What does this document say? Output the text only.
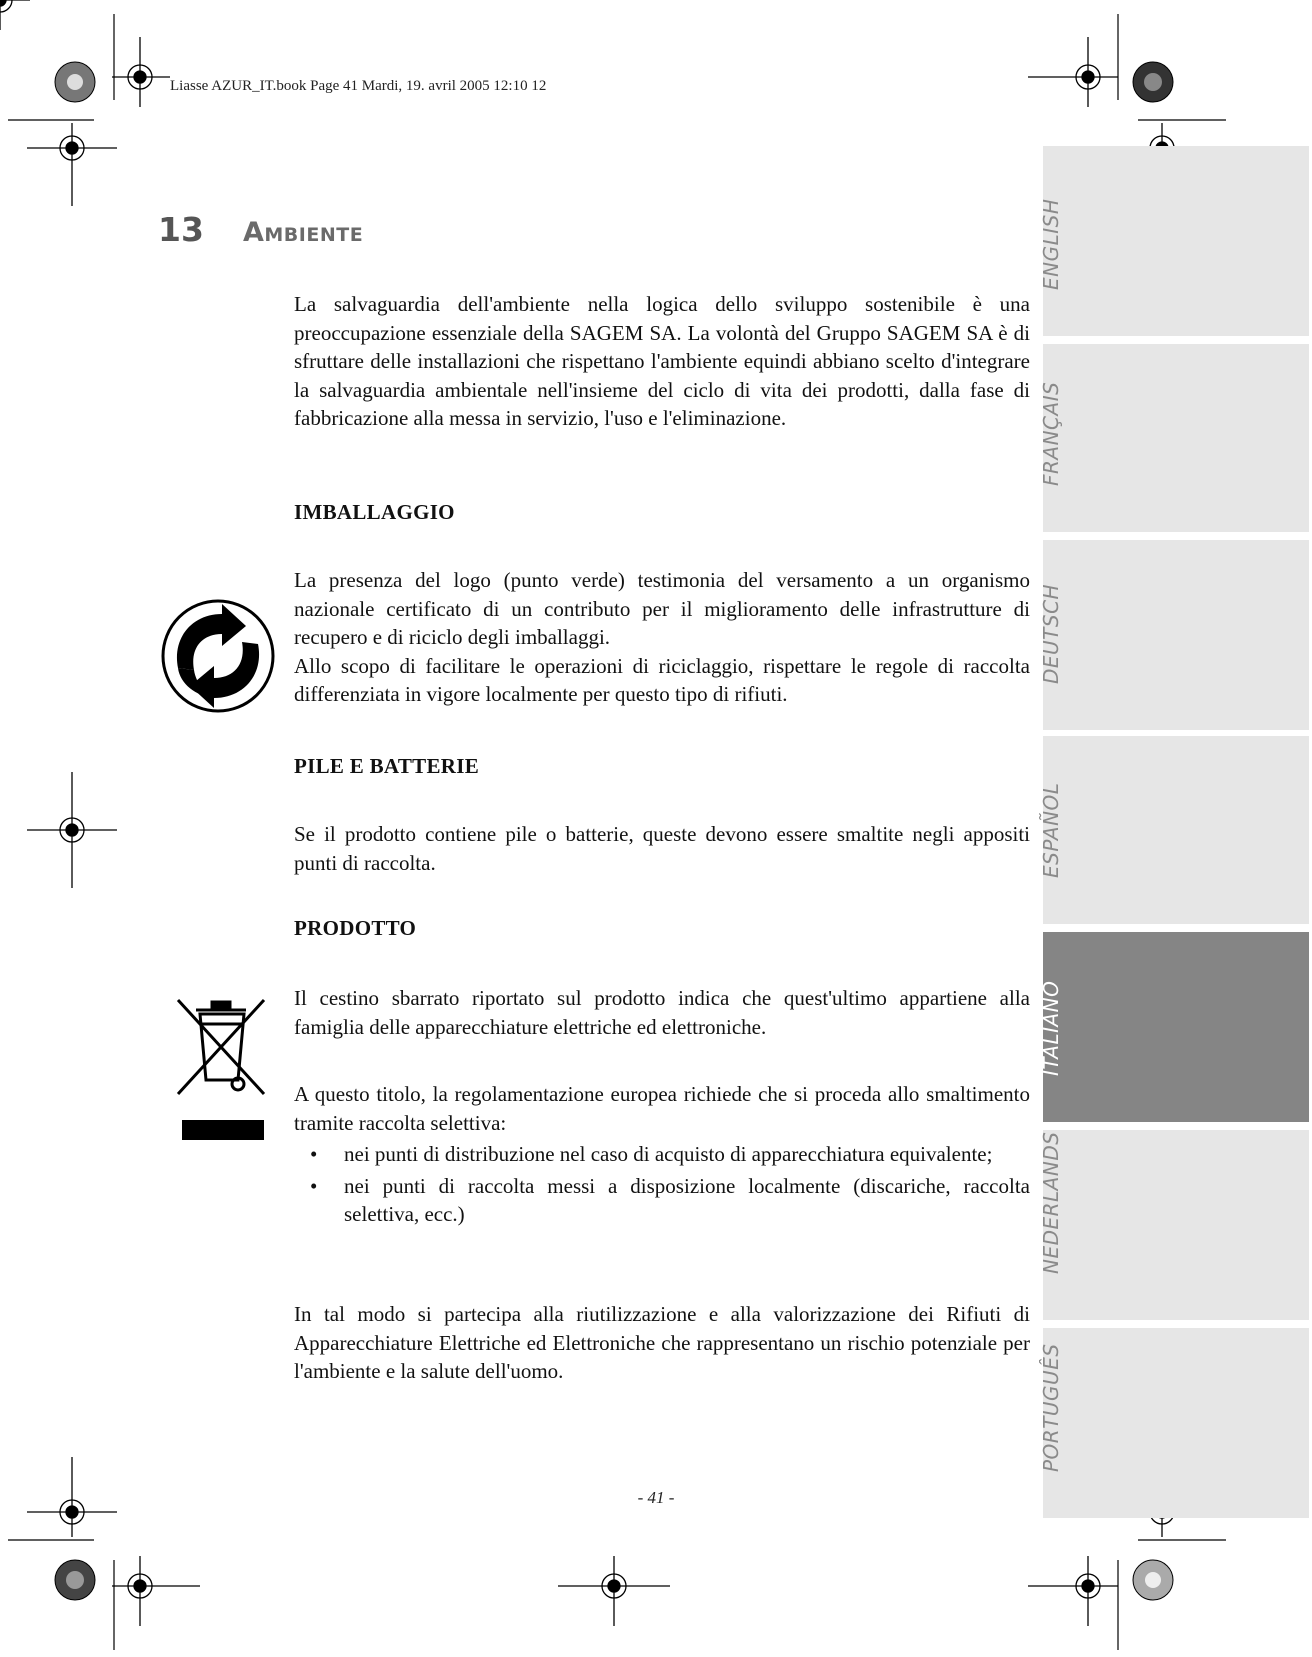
Liasse AZUR_IT.book Page 41 Mardi, 19. avril 2005 12:10 12
13	Ambiente

La salvaguardia dell'ambiente nella logica dello sviluppo sostenibile è una preoccupazione essenziale della SAGEM SA. La volontà del Gruppo SAGEM SA è di sfruttare delle installazioni che rispettano l'ambiente equindi abbiano scelto d'integrare la salvaguardia ambientale nell'insieme del ciclo di vita dei prodotti, dalla fase di fabbricazione alla messa in servizio, l'uso e l'eliminazione.

IMBALLAGGIO

La presenza del logo (punto verde) testimonia del versamento a un organismo nazionale certificato di un contributo per il miglioramento delle infrastrutture di recupero e di riciclo degli imballaggi.

Allo scopo di facilitare le operazioni di riciclaggio, rispettare le regole di raccolta differenziata in vigore localmente per questo tipo di rifiuti.

PILE E BATTERIE

Se il prodotto contiene pile o batterie, queste devono essere smaltite negli appositi punti di raccolta.

PRODOTTO

Il cestino sbarrato riportato sul prodotto indica che quest'ultimo appartiene alla famiglia delle apparecchiature elettriche ed elettroniche.

A questo titolo, la regolamentazione europea richiede che si proceda allo smaltimento tramite raccolta selettiva:

• nei punti di distribuzione nel caso di acquisto di apparecchiatura equivalente;
• nei punti di raccolta messi a disposizione localmente (discariche, raccolta selettiva, ecc.)

In tal modo si partecipa alla riutilizzazione e alla valorizzazione dei Rifiuti di Apparecchiature Elettriche ed Elettroniche che rappresentano un rischio potenziale per l'ambiente e la salute dell'uomo.

ENGLISH
FRANÇAIS
DEUTSCH
ESPAÑOL
ITALIANO
NEDERLANDS
PORTUGUÊS
- 41 -
